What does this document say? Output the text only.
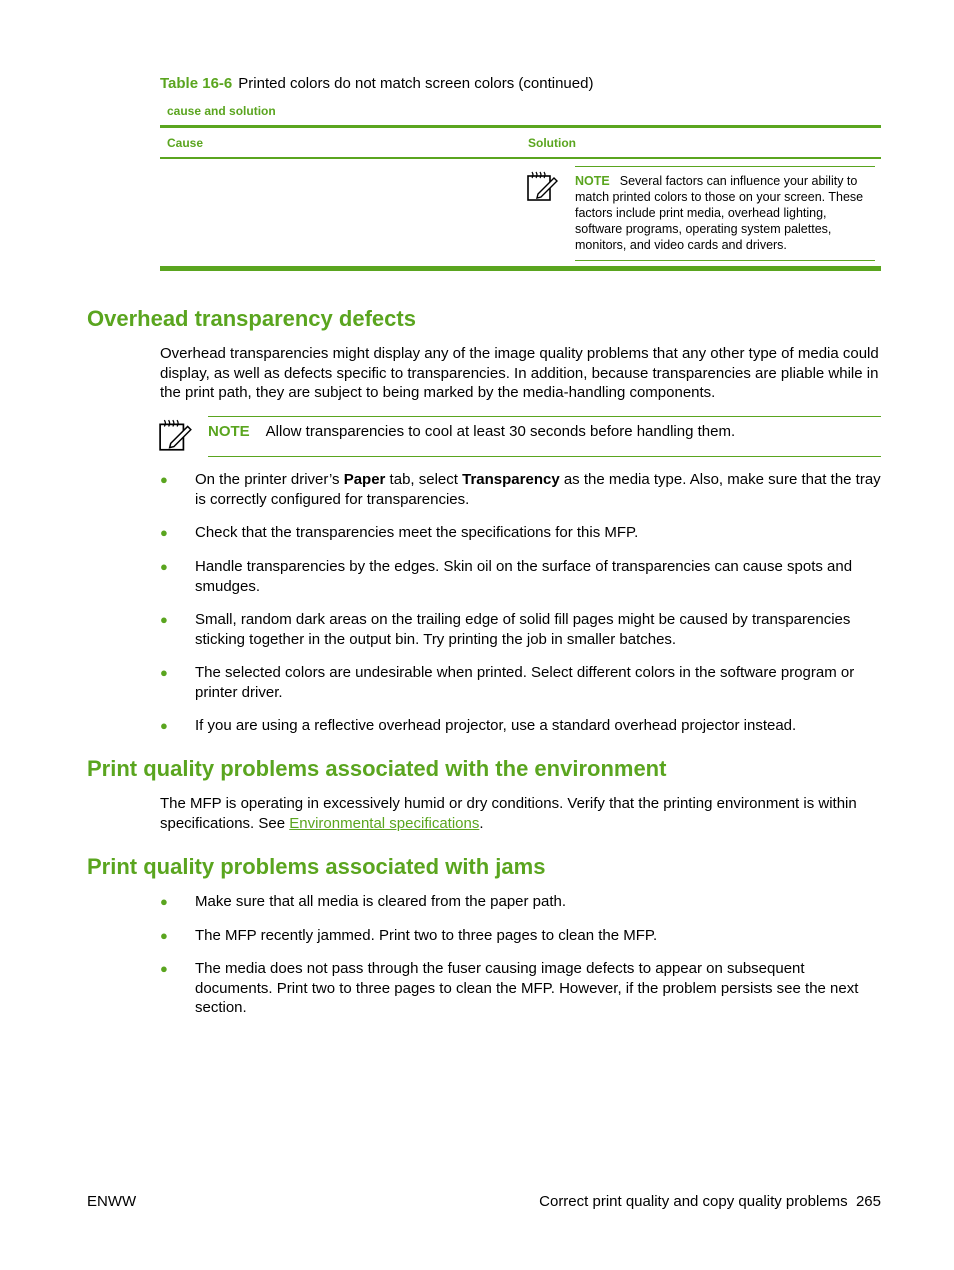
Table 16-6 Printed colors do not match screen colors (continued)
cause and solution
Cause	Solution
NOTE Several factors can influence your ability to match printed colors to those on your screen. These factors include print media, overhead lighting, software programs, operating system palettes, monitors, and video cards and drivers.
Overhead transparency defects
Overhead transparencies might display any of the image quality problems that any other type of media could display, as well as defects specific to transparencies. In addition, because transparencies are pliable while in the print path, they are subject to being marked by the media-handling components.
NOTE Allow transparencies to cool at least 30 seconds before handling them.
● On the printer driver’s Paper tab, select Transparency as the media type. Also, make sure that the tray is correctly configured for transparencies.
● Check that the transparencies meet the specifications for this MFP.
● Handle transparencies by the edges. Skin oil on the surface of transparencies can cause spots and smudges.
● Small, random dark areas on the trailing edge of solid fill pages might be caused by transparencies sticking together in the output bin. Try printing the job in smaller batches.
● The selected colors are undesirable when printed. Select different colors in the software program or printer driver.
● If you are using a reflective overhead projector, use a standard overhead projector instead.
Print quality problems associated with the environment
The MFP is operating in excessively humid or dry conditions. Verify that the printing environment is within specifications. See Environmental specifications.
Print quality problems associated with jams
● Make sure that all media is cleared from the paper path.
● The MFP recently jammed. Print two to three pages to clean the MFP.
● The media does not pass through the fuser causing image defects to appear on subsequent documents. Print two to three pages to clean the MFP. However, if the problem persists see the next section.
ENWW	Correct print quality and copy quality problems 265
